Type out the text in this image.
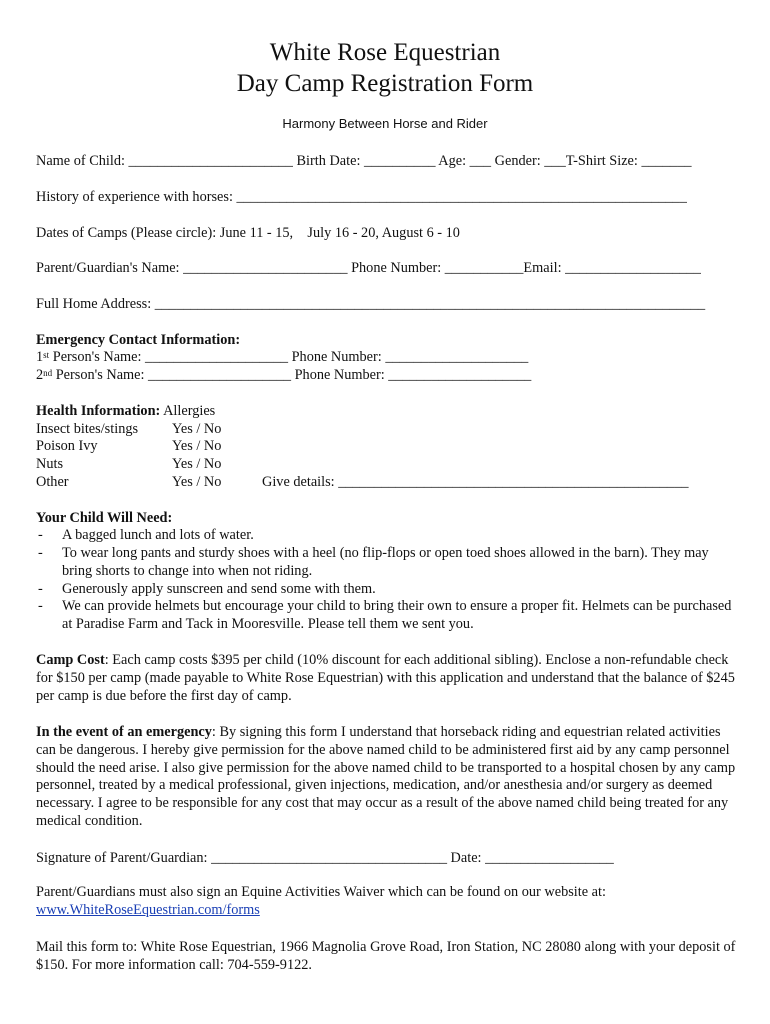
White Rose Equestrian
Day Camp Registration Form
Harmony Between Horse and Rider
Name of Child: _______________________ Birth Date: __________ Age: ___ Gender: ___T-Shirt Size: _______
History of experience with horses: _______________________________________________________________
Dates of Camps (Please circle): June 11 - 15,    July 16 - 20, August 6 - 10
Parent/Guardian's Name: _______________________ Phone Number: ___________Email: ___________________
Full Home Address: _____________________________________________________________________________
Emergency Contact Information:
1st Person's Name: ____________________ Phone Number: ____________________
2nd Person's Name: ____________________ Phone Number: ____________________
Health Information: Allergies
Insect bites/stings Yes / No
Poison Ivy	Yes / No
Nuts	Yes / No
Other	Yes / No	Give details: _________________________________________________
Your Child Will Need:
- A bagged lunch and lots of water.
- To wear long pants and sturdy shoes with a heel (no flip-flops or open toed shoes allowed in the barn). They may bring shorts to change into when not riding.
- Generously apply sunscreen and send some with them.
- We can provide helmets but encourage your child to bring their own to ensure a proper fit. Helmets can be purchased at Paradise Farm and Tack in Mooresville. Please tell them we sent you.
Camp Cost: Each camp costs $395 per child (10% discount for each additional sibling). Enclose a non-refundable check for $150 per camp (made payable to White Rose Equestrian) with this application and understand that the balance of $245 per camp is due before the first day of camp.
In the event of an emergency: By signing this form I understand that horseback riding and equestrian related activities can be dangerous. I hereby give permission for the above named child to be administered first aid by any camp personnel should the need arise. I also give permission for the above named child to be transported to a hospital chosen by any camp personnel, treated by a medical professional, given injections, medication, and/or anesthesia and/or surgery as deemed necessary. I agree to be responsible for any cost that may occur as a result of the above named child being treated for any medical condition.
Signature of Parent/Guardian: _________________________________ Date: __________________
Parent/Guardians must also sign an Equine Activities Waiver which can be found on our website at:
www.WhiteRoseEquestrian.com/forms
Mail this form to: White Rose Equestrian, 1966 Magnolia Grove Road, Iron Station, NC 28080 along with your deposit of $150. For more information call: 704-559-9122.
